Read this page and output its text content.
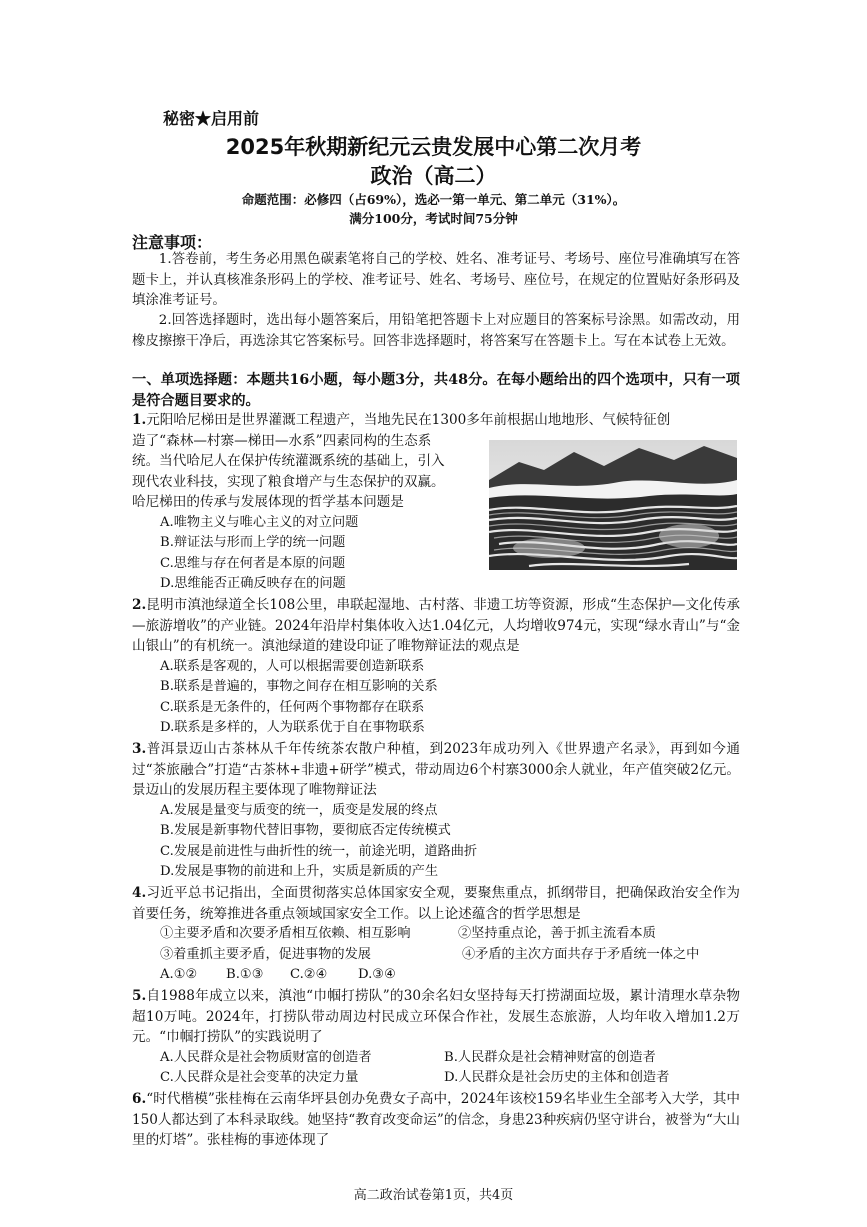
秘密★启用前
2025年秋期新纪元云贵发展中心第二次月考
政治（高二）
命题范围：必修四（占69%），选必一第一单元、第二单元（31%）。
满分100分，考试时间75分钟
注意事项：

1.答卷前，考生务必用黑色碳素笔将自己的学校、姓名、准考证号、考场号、座位号准确填写在答题卡上，并认真核准条形码上的学校、准考证号、姓名、考场号、座位号，在规定的位置贴好条形码及填涂准考证号。

2.回答选择题时，选出每小题答案后，用铅笔把答题卡上对应题目的答案标号涂黑。如需改动，用橡皮擦擦干净后，再选涂其它答案标号。回答非选择题时，将答案写在答题卡上。写在本试卷上无效。

一、单项选择题：本题共16小题，每小题3分，共48分。在每小题给出的四个选项中，只有一项是符合题目要求的。

1.元阳哈尼梯田是世界灌溉工程遗产，当地先民在1300多年前根据山地地形、气候特征创
造了“森林—村寨—梯田—水系”四素同构的生态系
统。当代哈尼人在保护传统灌溉系统的基础上，引入
现代农业科技，实现了粮食增产与生态保护的双赢。
哈尼梯田的传承与发展体现的哲学基本问题是
A.唯物主义与唯心主义的对立问题
B.辩证法与形而上学的统一问题
C.思维与存在何者是本原的问题
D.思维能否正确反映存在的问题
2.昆明市滇池绿道全长108公里，串联起湿地、古村落、非遗工坊等资源，形成“生态保护—文化传承—旅游增收”的产业链。2024年沿岸村集体收入达1.04亿元，人均增收974元，实现“绿水青山”与“金山银山”的有机统一。滇池绿道的建设印证了唯物辩证法的观点是
A.联系是客观的，人可以根据需要创造新联系
B.联系是普遍的，事物之间存在相互影响的关系
C.联系是无条件的，任何两个事物都存在联系
D.联系是多样的，人为联系优于自在事物联系
3.普洱景迈山古茶林从千年传统茶农散户种植，到2023年成功列入《世界遗产名录》，再到如今通过“茶旅融合”打造“古茶林+非遗+研学”模式，带动周边6个村寨3000余人就业，年产值突破2亿元。景迈山的发展历程主要体现了唯物辩证法
A.发展是量变与质变的统一，质变是发展的终点
B.发展是新事物代替旧事物，要彻底否定传统模式
C.发展是前进性与曲折性的统一，前途光明，道路曲折
D.发展是事物的前进和上升，实质是新质的产生
4.习近平总书记指出，全面贯彻落实总体国家安全观，要聚焦重点，抓纲带目，把确保政治安全作为首要任务，统筹推进各重点领域国家安全工作。以上论述蕴含的哲学思想是
①主要矛盾和次要矛盾相互依赖、相互影响	②坚持重点论，善于抓主流看本质
③着重抓主要矛盾，促进事物的发展	④矛盾的主次方面共存于矛盾统一体之中
A.①② B.①③ C.②④ D.③④
5.自1988年成立以来，滇池“巾帼打捞队”的30余名妇女坚持每天打捞湖面垃圾，累计清理水草杂物超10万吨。2024年，打捞队带动周边村民成立环保合作社，发展生态旅游，人均年收入增加1.2万元。“巾帼打捞队”的实践说明了
A.人民群众是社会物质财富的创造者	B.人民群众是社会精神财富的创造者
C.人民群众是社会变革的决定力量	D.人民群众是社会历史的主体和创造者
6.“时代楷模”张桂梅在云南华坪县创办免费女子高中，2024年该校159名毕业生全部考入大学，其中150人都达到了本科录取线。她坚持“教育改变命运”的信念，身患23种疾病仍坚守讲台，被誉为“大山里的灯塔”。张桂梅的事迹体现了
高二政治试卷第1页，共4页
